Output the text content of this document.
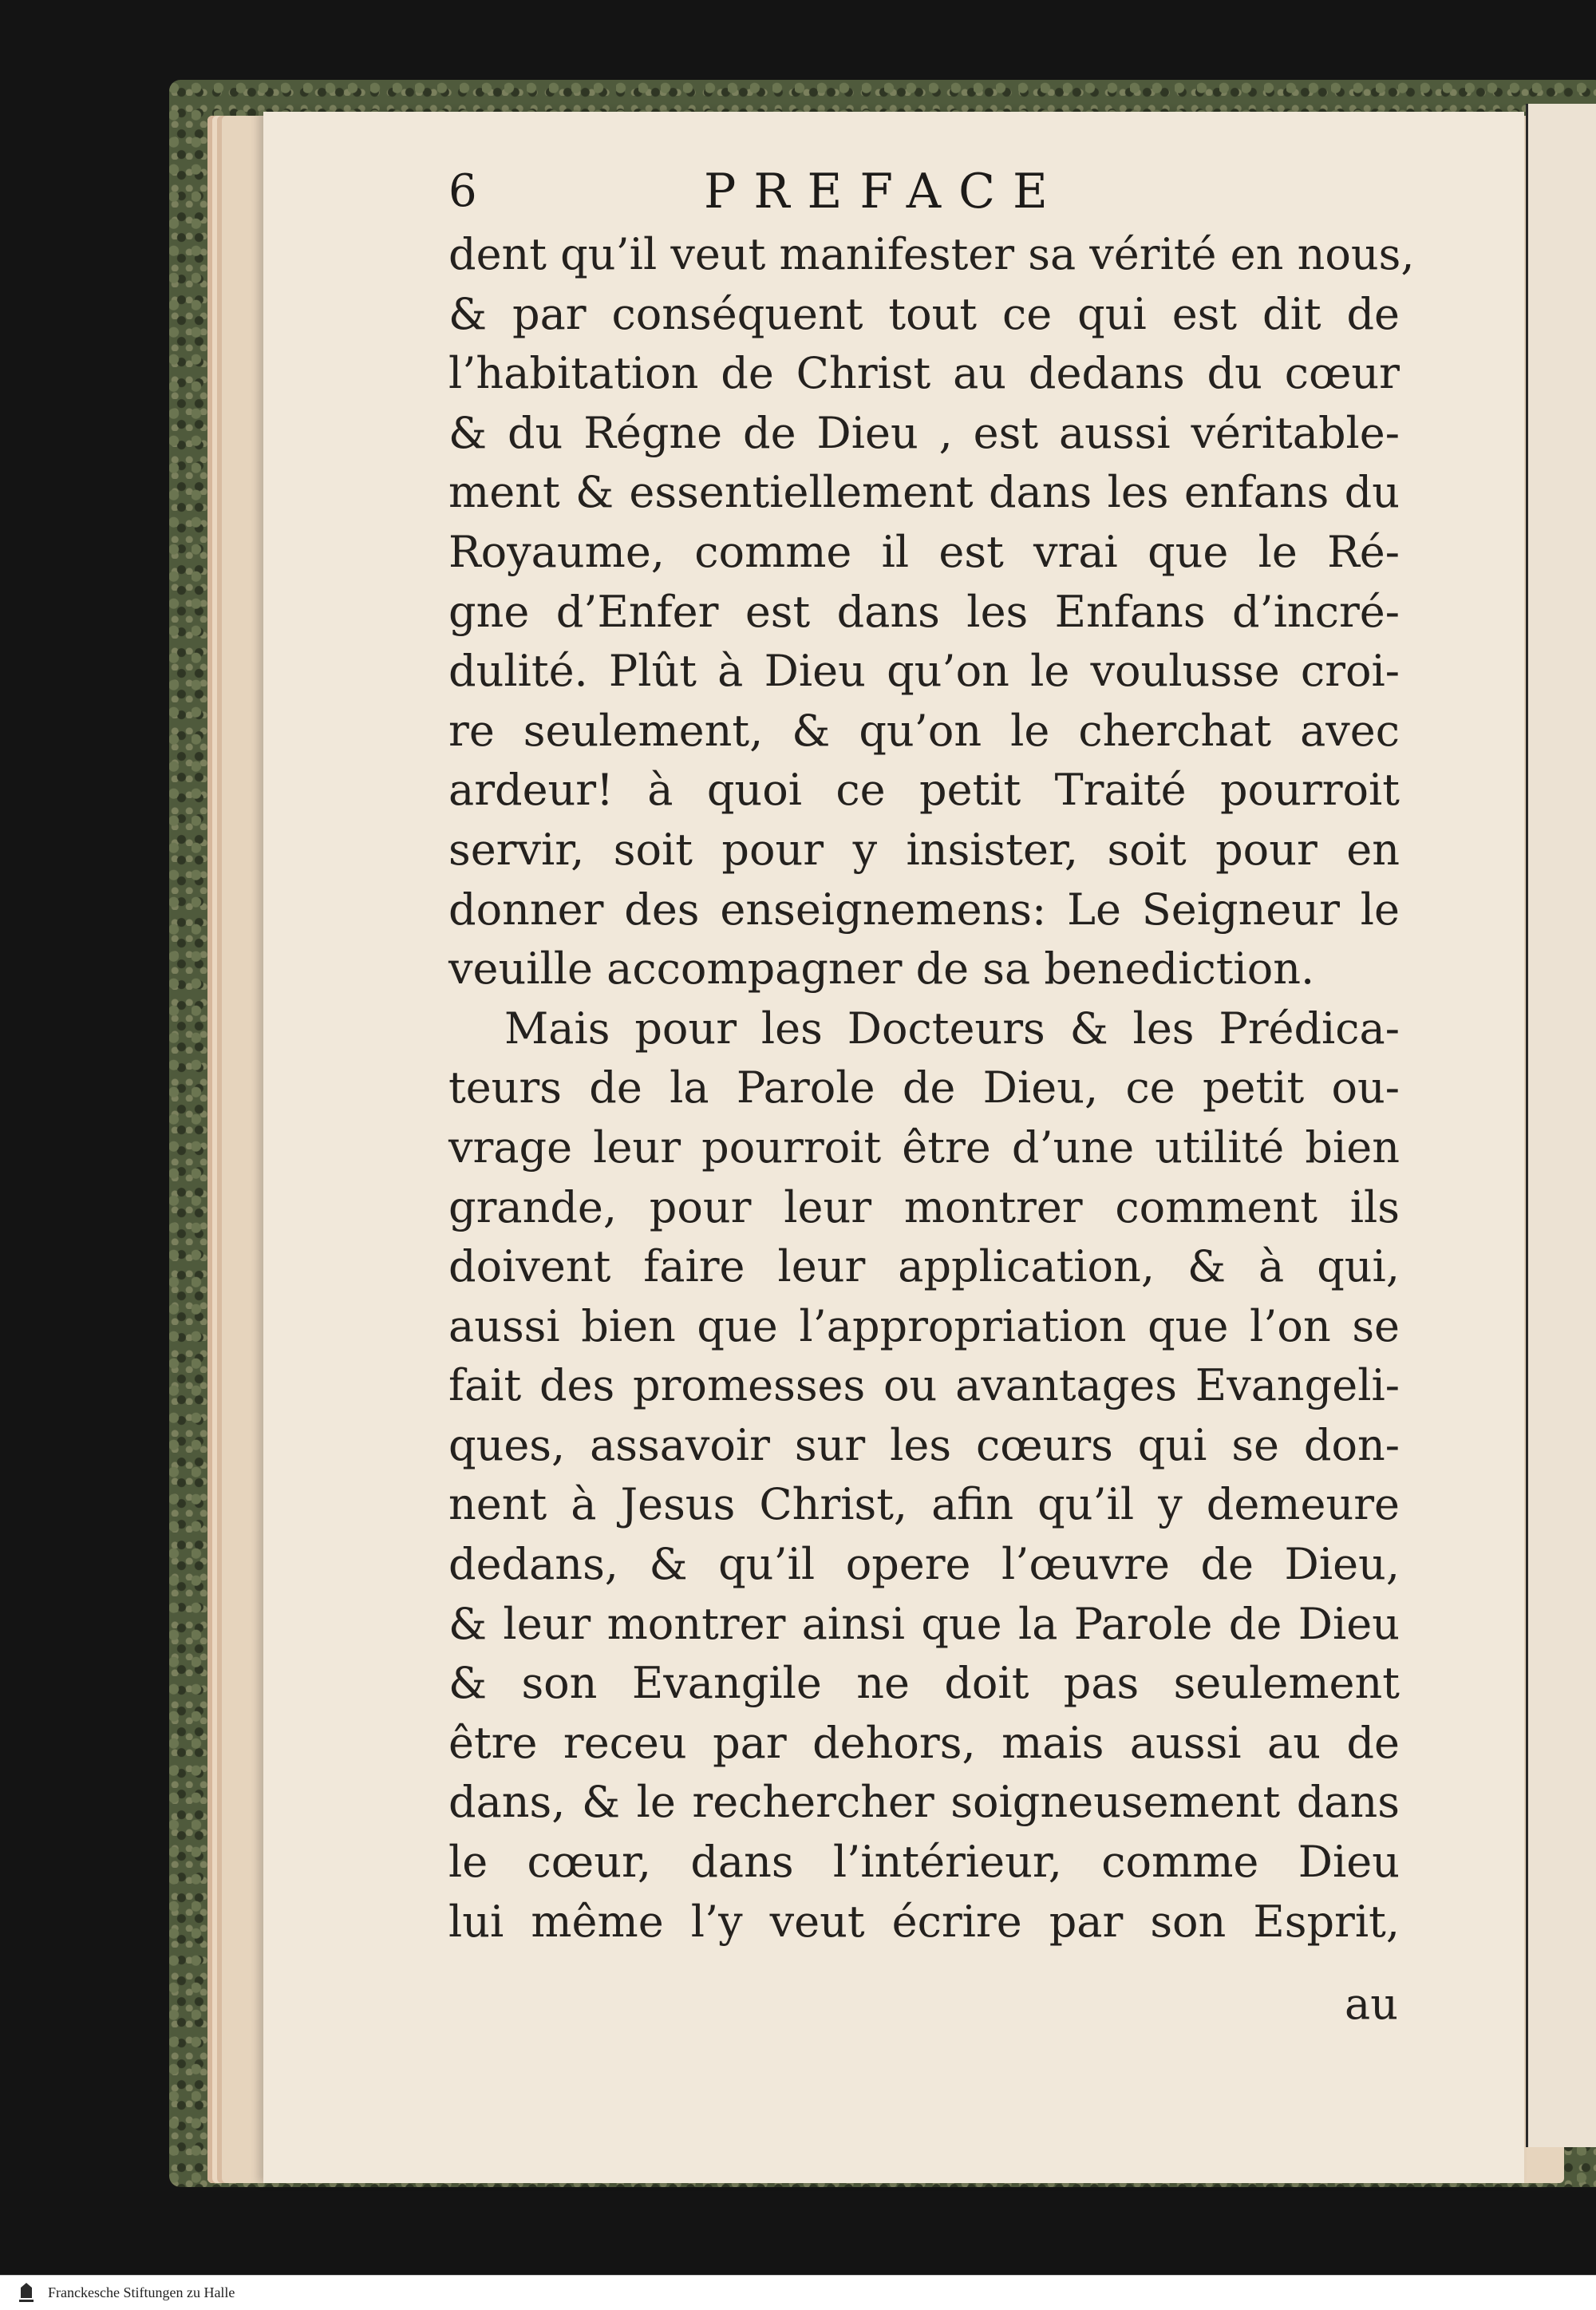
6	PREFACE
dent qu’il veut manifester sa vérité en nous,
& par conséquent tout ce qui est dit de
l’habitation de Christ au dedans du cœur
& du Régne de Dieu , est aussi véritable-
ment & essentiellement dans les enfans du
Royaume, comme il est vrai que le Ré-
gne d’Enfer est dans les Enfans d’incré-
dulité. Plût à Dieu qu’on le voulusse croi-
re seulement, & qu’on le cherchat avec
ardeur! à quoi ce petit Traité pourroit
servir, soit pour y insister, soit pour en
donner des enseignemens: Le Seigneur le
veuille accompagner de sa benediction.
Mais pour les Docteurs & les Prédica-
teurs de la Parole de Dieu, ce petit ou-
vrage leur pourroit être d’une utilité bien
grande, pour leur montrer comment ils
doivent faire leur application, & à qui,
aussi bien que l’appropriation que l’on se
fait des promesses ou avantages Evangeli-
ques, assavoir sur les cœurs qui se don-
nent à Jesus Christ, afin qu’il y demeure
dedans, & qu’il opere l’œuvre de Dieu,
& leur montrer ainsi que la Parole de Dieu
& son Evangile ne doit pas seulement
être receu par dehors, mais aussi au de
dans, & le rechercher soigneusement dans
le cœur, dans l’intérieur, comme Dieu
lui même l’y veut écrire par son Esprit,
au
Franckesche Stiftungen zu Halle
